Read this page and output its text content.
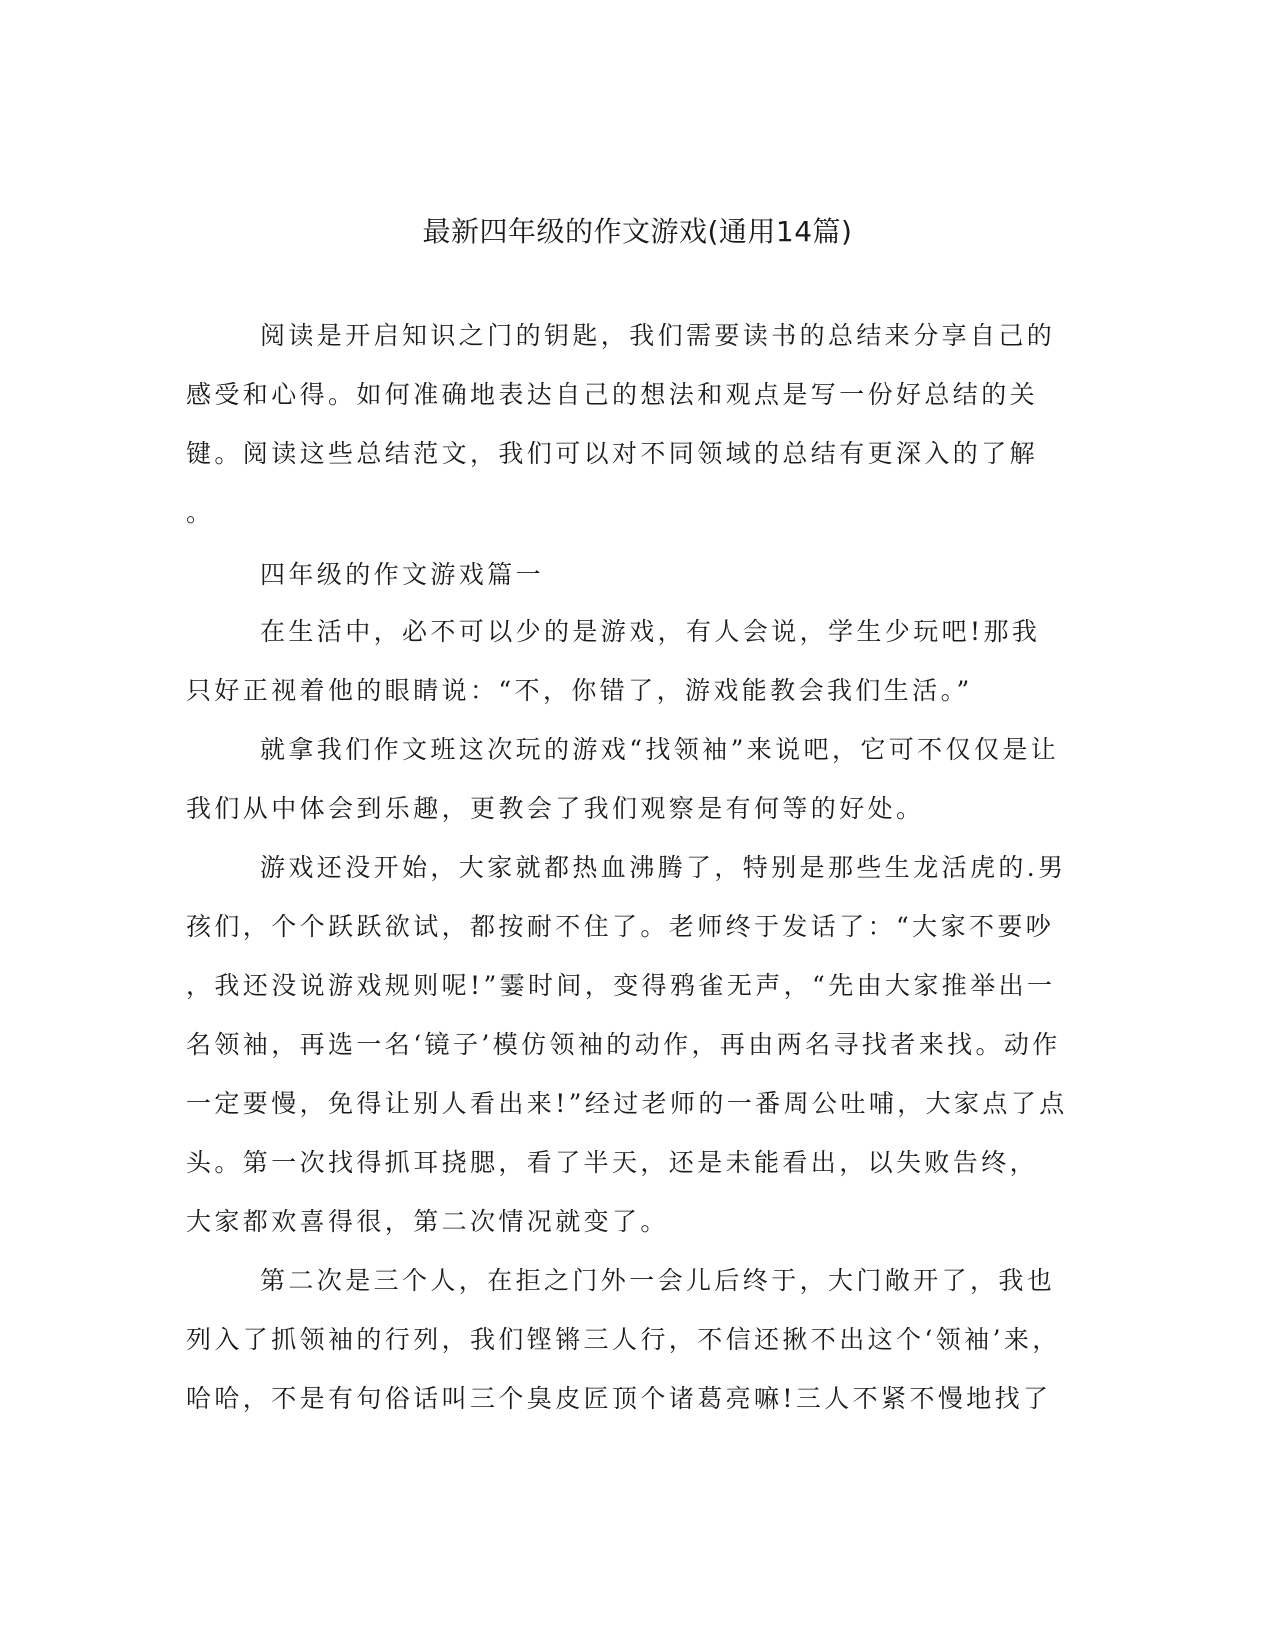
最新四年级的作文游戏(通用14篇)
阅读是开启知识之门的钥匙，我们需要读书的总结来分享自己的
感受和心得。如何准确地表达自己的想法和观点是写一份好总结的关
键。阅读这些总结范文，我们可以对不同领域的总结有更深入的了解
。
四年级的作文游戏篇一
在生活中，必不可以少的是游戏，有人会说，学生少玩吧!那我
只好正视着他的眼睛说：“不，你错了，游戏能教会我们生活。”
就拿我们作文班这次玩的游戏“找领袖”来说吧，它可不仅仅是让
我们从中体会到乐趣，更教会了我们观察是有何等的好处。
游戏还没开始，大家就都热血沸腾了，特别是那些生龙活虎的.男
孩们，个个跃跃欲试，都按耐不住了。老师终于发话了：“大家不要吵
，我还没说游戏规则呢!”霎时间，变得鸦雀无声，“先由大家推举出一
名领袖，再选一名‘镜子’模仿领袖的动作，再由两名寻找者来找。动作
一定要慢，免得让别人看出来!”经过老师的一番周公吐哺，大家点了点
头。第一次找得抓耳挠腮，看了半天，还是未能看出，以失败告终，
大家都欢喜得很，第二次情况就变了。
第二次是三个人，在拒之门外一会儿后终于，大门敞开了，我也
列入了抓领袖的行列，我们铿锵三人行，不信还揪不出这个‘领袖’来，
哈哈，不是有句俗话叫三个臭皮匠顶个诸葛亮嘛!三人不紧不慢地找了
